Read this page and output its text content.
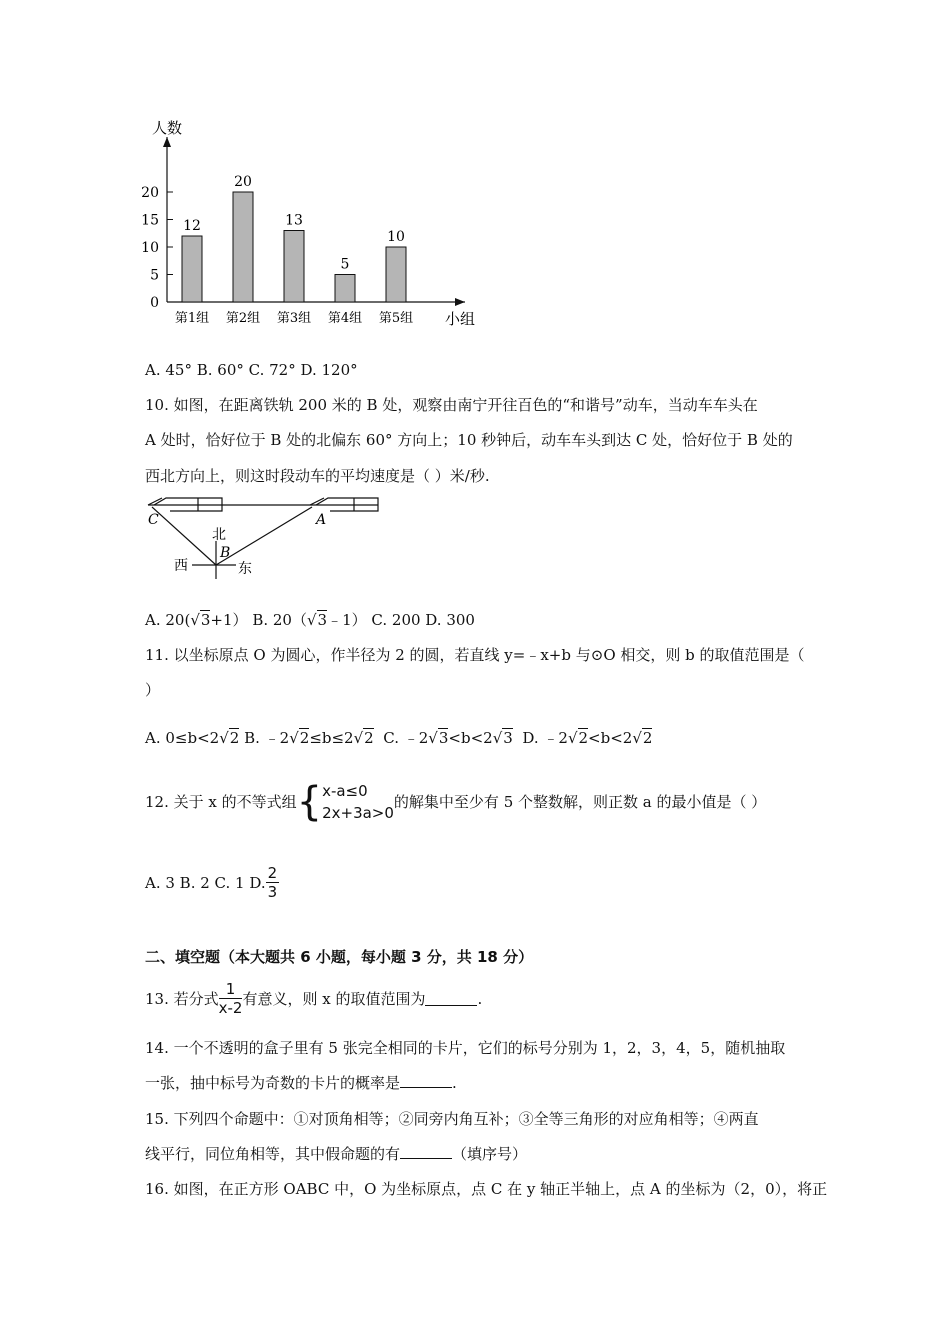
人数
小组
0
5
10
15
20
12
第1组
20
第2组
13
第3组
5
第4组
10
第5组
A. 45° B. 60° C. 72° D. 120°
10. 如图，在距离铁轨 200 米的 B 处，观察由南宁开往百色的“和谐号”动车，当动车车头在
A 处时，恰好位于 B 处的北偏东 60° 方向上；10 秒钟后，动车车头到达 C 处，恰好位于 B 处的
西北方向上，则这时段动车的平均速度是（ ）米/秒.
C	A
B
北
西	东
A. 20(√3+1） B. 20（√3﹣1） C. 200 D. 300
11. 以坐标原点 O 为圆心，作半径为 2 的圆，若直线 y=﹣x+b 与⊙O 相交，则 b 的取值范围是（
）
A. 0≤b<2√2 B. ﹣2√2≤b≤2√2 C. ﹣2√3<b<2√3 D. ﹣2√2<b<2√2
12. 关于 x 的不等式组 { x-a≤0
2x+3a>0
的解集中至少有 5 个整数解，则正数 a 的最小值是（ ）
A. 3 B. 2 C. 1 D. $\frac{2}{3}$
二、填空题（本大题共 6 小题，每小题 3 分，共 18 分）
13. 若分式 $\frac{1}{x-2}$ 有意义，则 x 的取值范围为	.
14. 一个不透明的盒子里有 5 张完全相同的卡片，它们的标号分别为 1，2，3，4，5，随机抽取
一张，抽中标号为奇数的卡片的概率是	.
15. 下列四个命题中：①对顶角相等；②同旁内角互补；③全等三角形的对应角相等；④两直
线平行，同位角相等，其中假命题的有	（填序号）
16. 如图，在正方形 OABC 中，O 为坐标原点，点 C 在 y 轴正半轴上，点 A 的坐标为（2，0），将正
